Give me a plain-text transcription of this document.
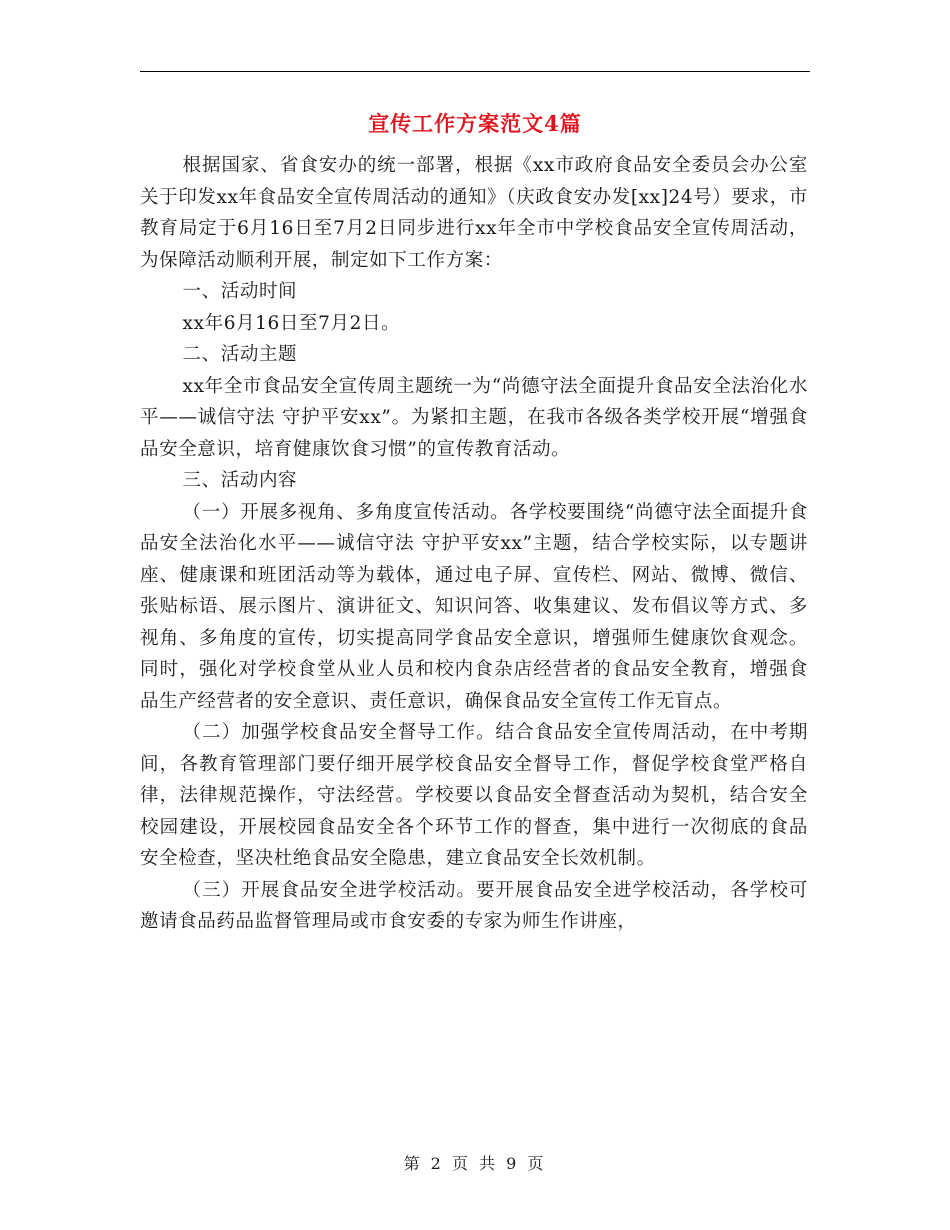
宣传工作方案范文4篇

根据国家、省食安办的统一部署，根据《xx市政府食品安全委员会办公室关于印发xx年食品安全宣传周活动的通知》（庆政食安办发[xx]24号）要求，市教育局定于6月16日至7月2日同步进行xx年全市中学校食品安全宣传周活动，为保障活动顺利开展，制定如下工作方案：

一、活动时间

xx年6月16日至7月2日。

二、活动主题

xx年全市食品安全宣传周主题统一为“尚德守法全面提升食品安全法治化水平——诚信守法 守护平安xx”。为紧扣主题，在我市各级各类学校开展“增强食品安全意识，培育健康饮食习惯”的宣传教育活动。

三、活动内容

（一）开展多视角、多角度宣传活动。各学校要围绕“尚德守法全面提升食品安全法治化水平——诚信守法 守护平安xx”主题，结合学校实际，以专题讲座、健康课和班团活动等为载体，通过电子屏、宣传栏、网站、微博、微信、张贴标语、展示图片、演讲征文、知识问答、收集建议、发布倡议等方式、多视角、多角度的宣传，切实提高同学食品安全意识，增强师生健康饮食观念。同时，强化对学校食堂从业人员和校内食杂店经营者的食品安全教育，增强食品生产经营者的安全意识、责任意识，确保食品安全宣传工作无盲点。

（二）加强学校食品安全督导工作。结合食品安全宣传周活动，在中考期间，各教育管理部门要仔细开展学校食品安全督导工作，督促学校食堂严格自律，法律规范操作，守法经营。学校要以食品安全督查活动为契机，结合安全校园建设，开展校园食品安全各个环节工作的督查，集中进行一次彻底的食品安全检查，坚决杜绝食品安全隐患，建立食品安全长效机制。

（三）开展食品安全进学校活动。要开展食品安全进学校活动，各学校可邀请食品药品监督管理局或市食安委的专家为师生作讲座，

第 2 页 共 9 页
